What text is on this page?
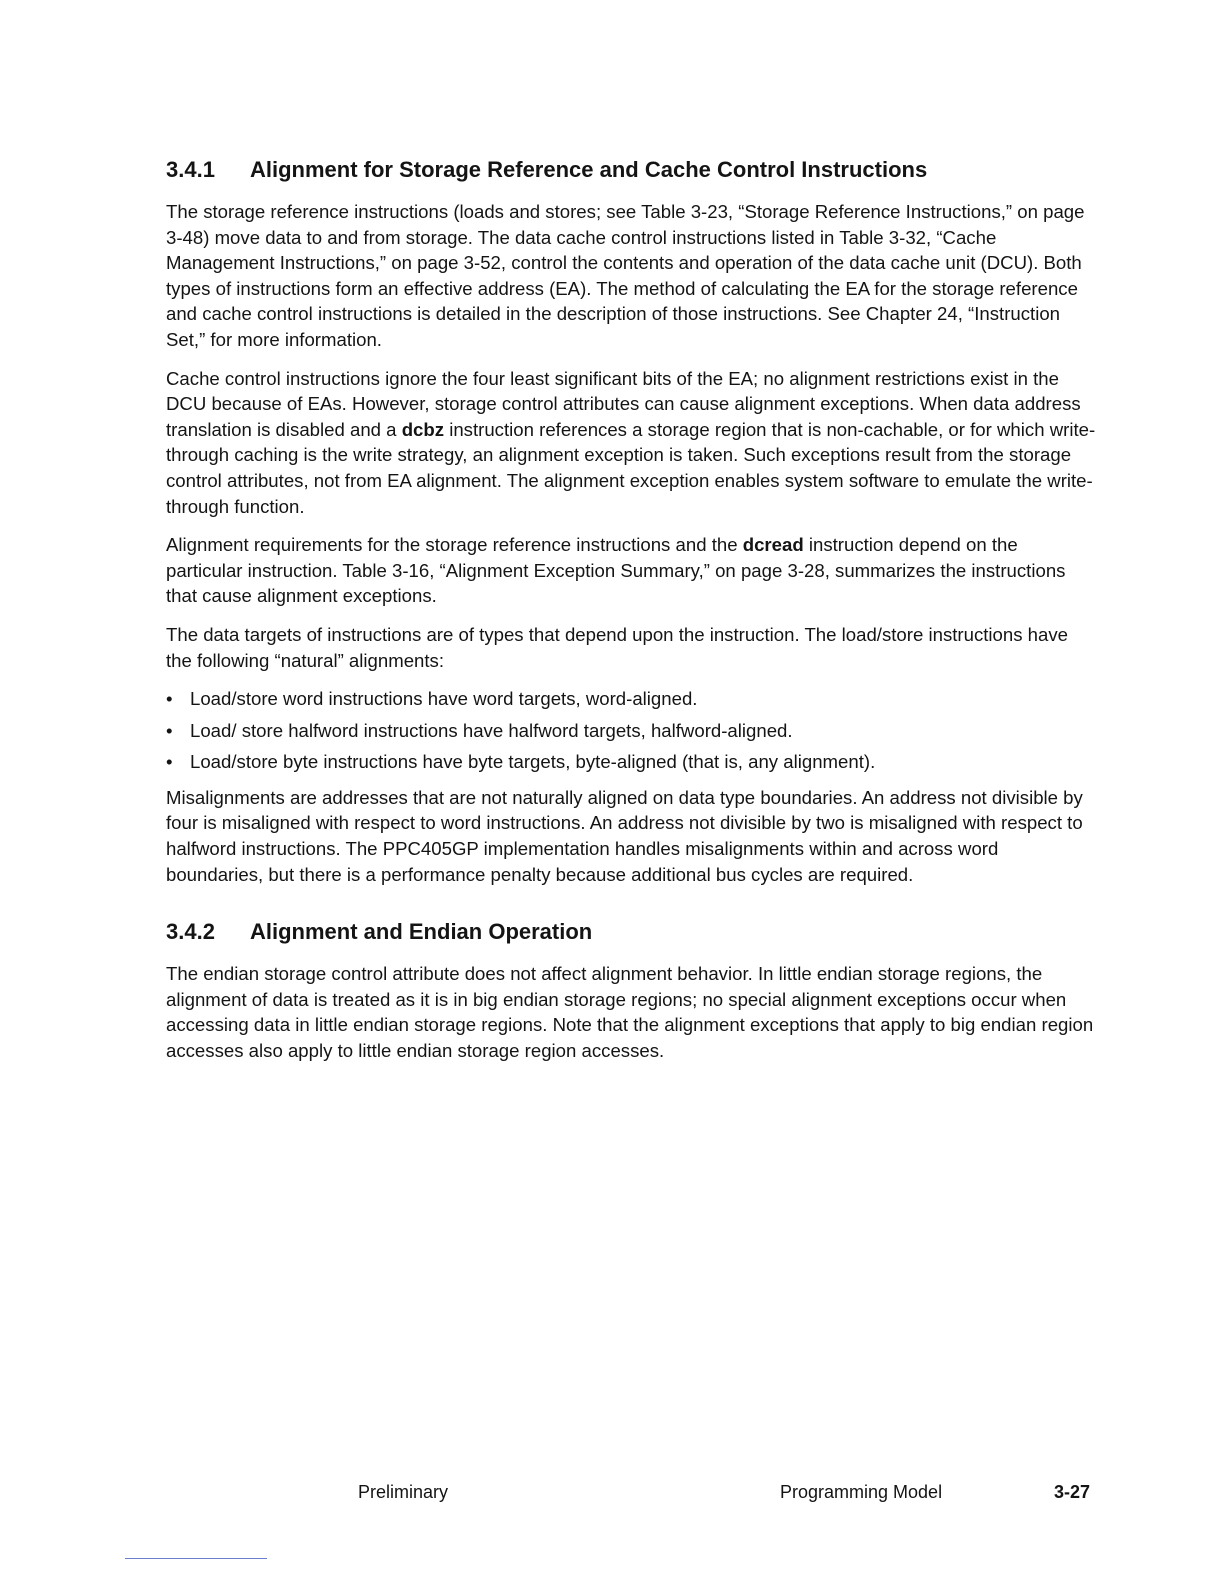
3.4.1	Alignment for Storage Reference and Cache Control Instructions

The storage reference instructions (loads and stores; see Table 3-23, “Storage Reference Instructions,” on page 3-48) move data to and from storage. The data cache control instructions listed in Table 3-32, “Cache Management Instructions,” on page 3-52, control the contents and operation of the data cache unit (DCU). Both types of instructions form an effective address (EA). The method of calculating the EA for the storage reference and cache control instructions is detailed in the description of those instructions. See Chapter 24, “Instruction Set,” for more information.

Cache control instructions ignore the four least significant bits of the EA; no alignment restrictions exist in the DCU because of EAs. However, storage control attributes can cause alignment exceptions. When data address translation is disabled and a dcbz instruction references a storage region that is non-cachable, or for which write-through caching is the write strategy, an alignment exception is taken. Such exceptions result from the storage control attributes, not from EA alignment. The alignment exception enables system software to emulate the write-through function.

Alignment requirements for the storage reference instructions and the dcread instruction depend on the particular instruction. Table 3-16, “Alignment Exception Summary,” on page 3-28, summarizes the instructions that cause alignment exceptions.

The data targets of instructions are of types that depend upon the instruction. The load/store instructions have the following “natural” alignments:

• Load/store word instructions have word targets, word-aligned.
• Load/ store halfword instructions have halfword targets, halfword-aligned.
• Load/store byte instructions have byte targets, byte-aligned (that is, any alignment).

Misalignments are addresses that are not naturally aligned on data type boundaries. An address not divisible by four is misaligned with respect to word instructions. An address not divisible by two is misaligned with respect to halfword instructions. The PPC405GP implementation handles misalignments within and across word boundaries, but there is a performance penalty because additional bus cycles are required.

3.4.2	Alignment and Endian Operation

The endian storage control attribute does not affect alignment behavior. In little endian storage regions, the alignment of data is treated as it is in big endian storage regions; no special alignment exceptions occur when accessing data in little endian storage regions. Note that the alignment exceptions that apply to big endian region accesses also apply to little endian storage region accesses.

Preliminary	Programming Model	3-27
